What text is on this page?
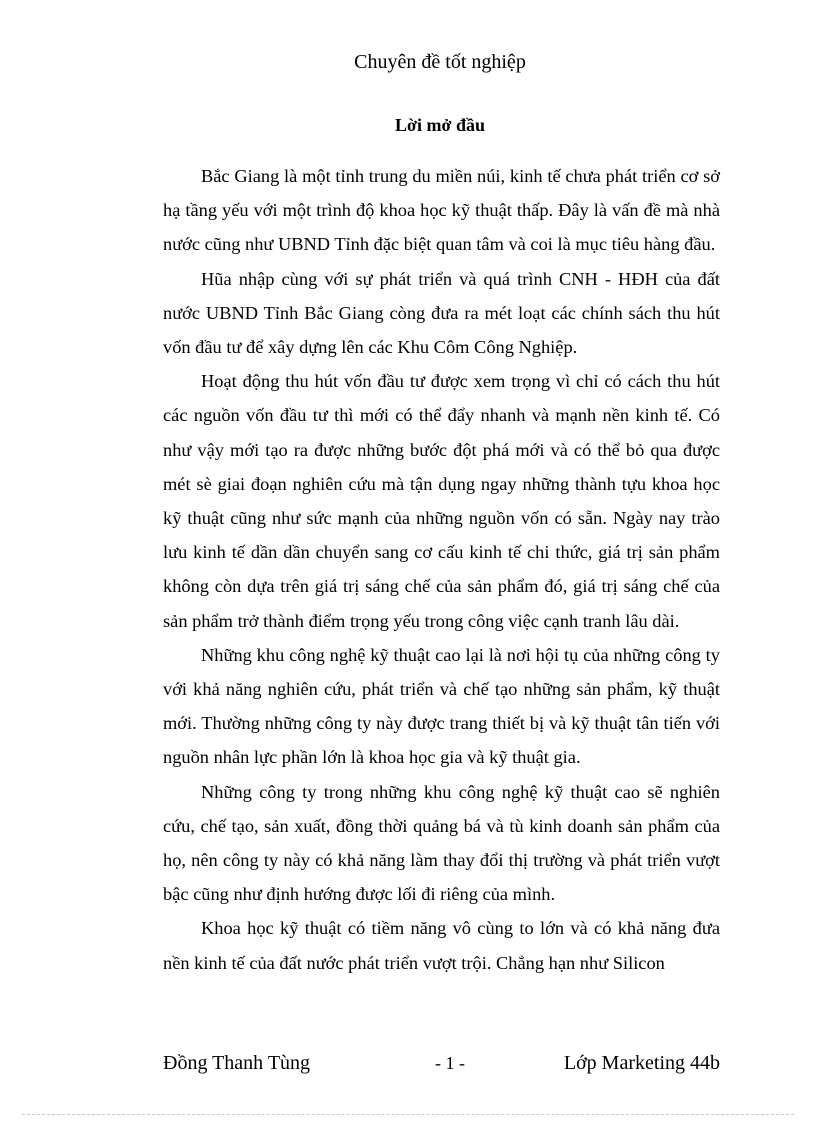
Chuyên đề tốt nghiệp
Lời mở đầu

Bắc Giang là một tỉnh trung du miền núi, kinh tế chưa phát triển cơ sở hạ tầng yếu với một trình độ khoa học kỹ thuật thấp. Đây là vấn đề mà nhà nước cũng như UBND Tỉnh đặc biệt quan tâm và coi là mục tiêu hàng đầu.

Hũa nhập cùng với sự phát triển và quá trình CNH - HĐH của đất nước UBND Tỉnh Bắc Giang còng đưa ra mét loạt các chính sách thu hút vốn đầu tư để xây dựng lên các Khu Côm Công Nghiệp.

Hoạt động thu hút vốn đầu tư được xem trọng vì chỉ có cách thu hút các nguồn vốn đầu tư thì mới có thể đẩy nhanh và mạnh nền kinh tế. Có như vậy mới tạo ra được những bước đột phá mới và có thể bỏ qua được mét sè giai đoạn nghiên cứu mà tận dụng ngay những thành tựu khoa học kỹ thuật cũng như sức mạnh của những nguồn vốn có sẵn. Ngày nay trào lưu kinh tế dần dần chuyển sang cơ cấu kinh tế chi thức, giá trị sản phẩm không còn dựa trên giá trị sáng chế của sản phẩm đó, giá trị sáng chế của sản phẩm trở thành điểm trọng yếu trong công việc cạnh tranh lâu dài.

Những khu công nghệ kỹ thuật cao lại là nơi hội tụ của những công ty với khả năng nghiên cứu, phát triển và chế tạo những sản phẩm, kỹ thuật mới. Thường những công ty này được trang thiết bị và kỹ thuật tân tiến với nguồn nhân lực phần lớn là khoa học gia và kỹ thuật gia.

Những công ty trong những khu công nghệ kỹ thuật cao sẽ nghiên cứu, chế tạo, sản xuất, đồng thời quảng bá và tù kinh doanh sản phẩm của họ, nên công ty này có khả năng làm thay đổi thị trường và phát triển vượt bậc cũng như định hướng được lối đi riêng của mình.

Khoa học kỹ thuật có tiềm năng vô cùng to lớn và có khả năng đưa nền kinh tế của đất nước phát triển vượt trội. Chẳng hạn như Silicon

Đồng Thanh Tùng	- 1 -	Lớp Marketing 44b
